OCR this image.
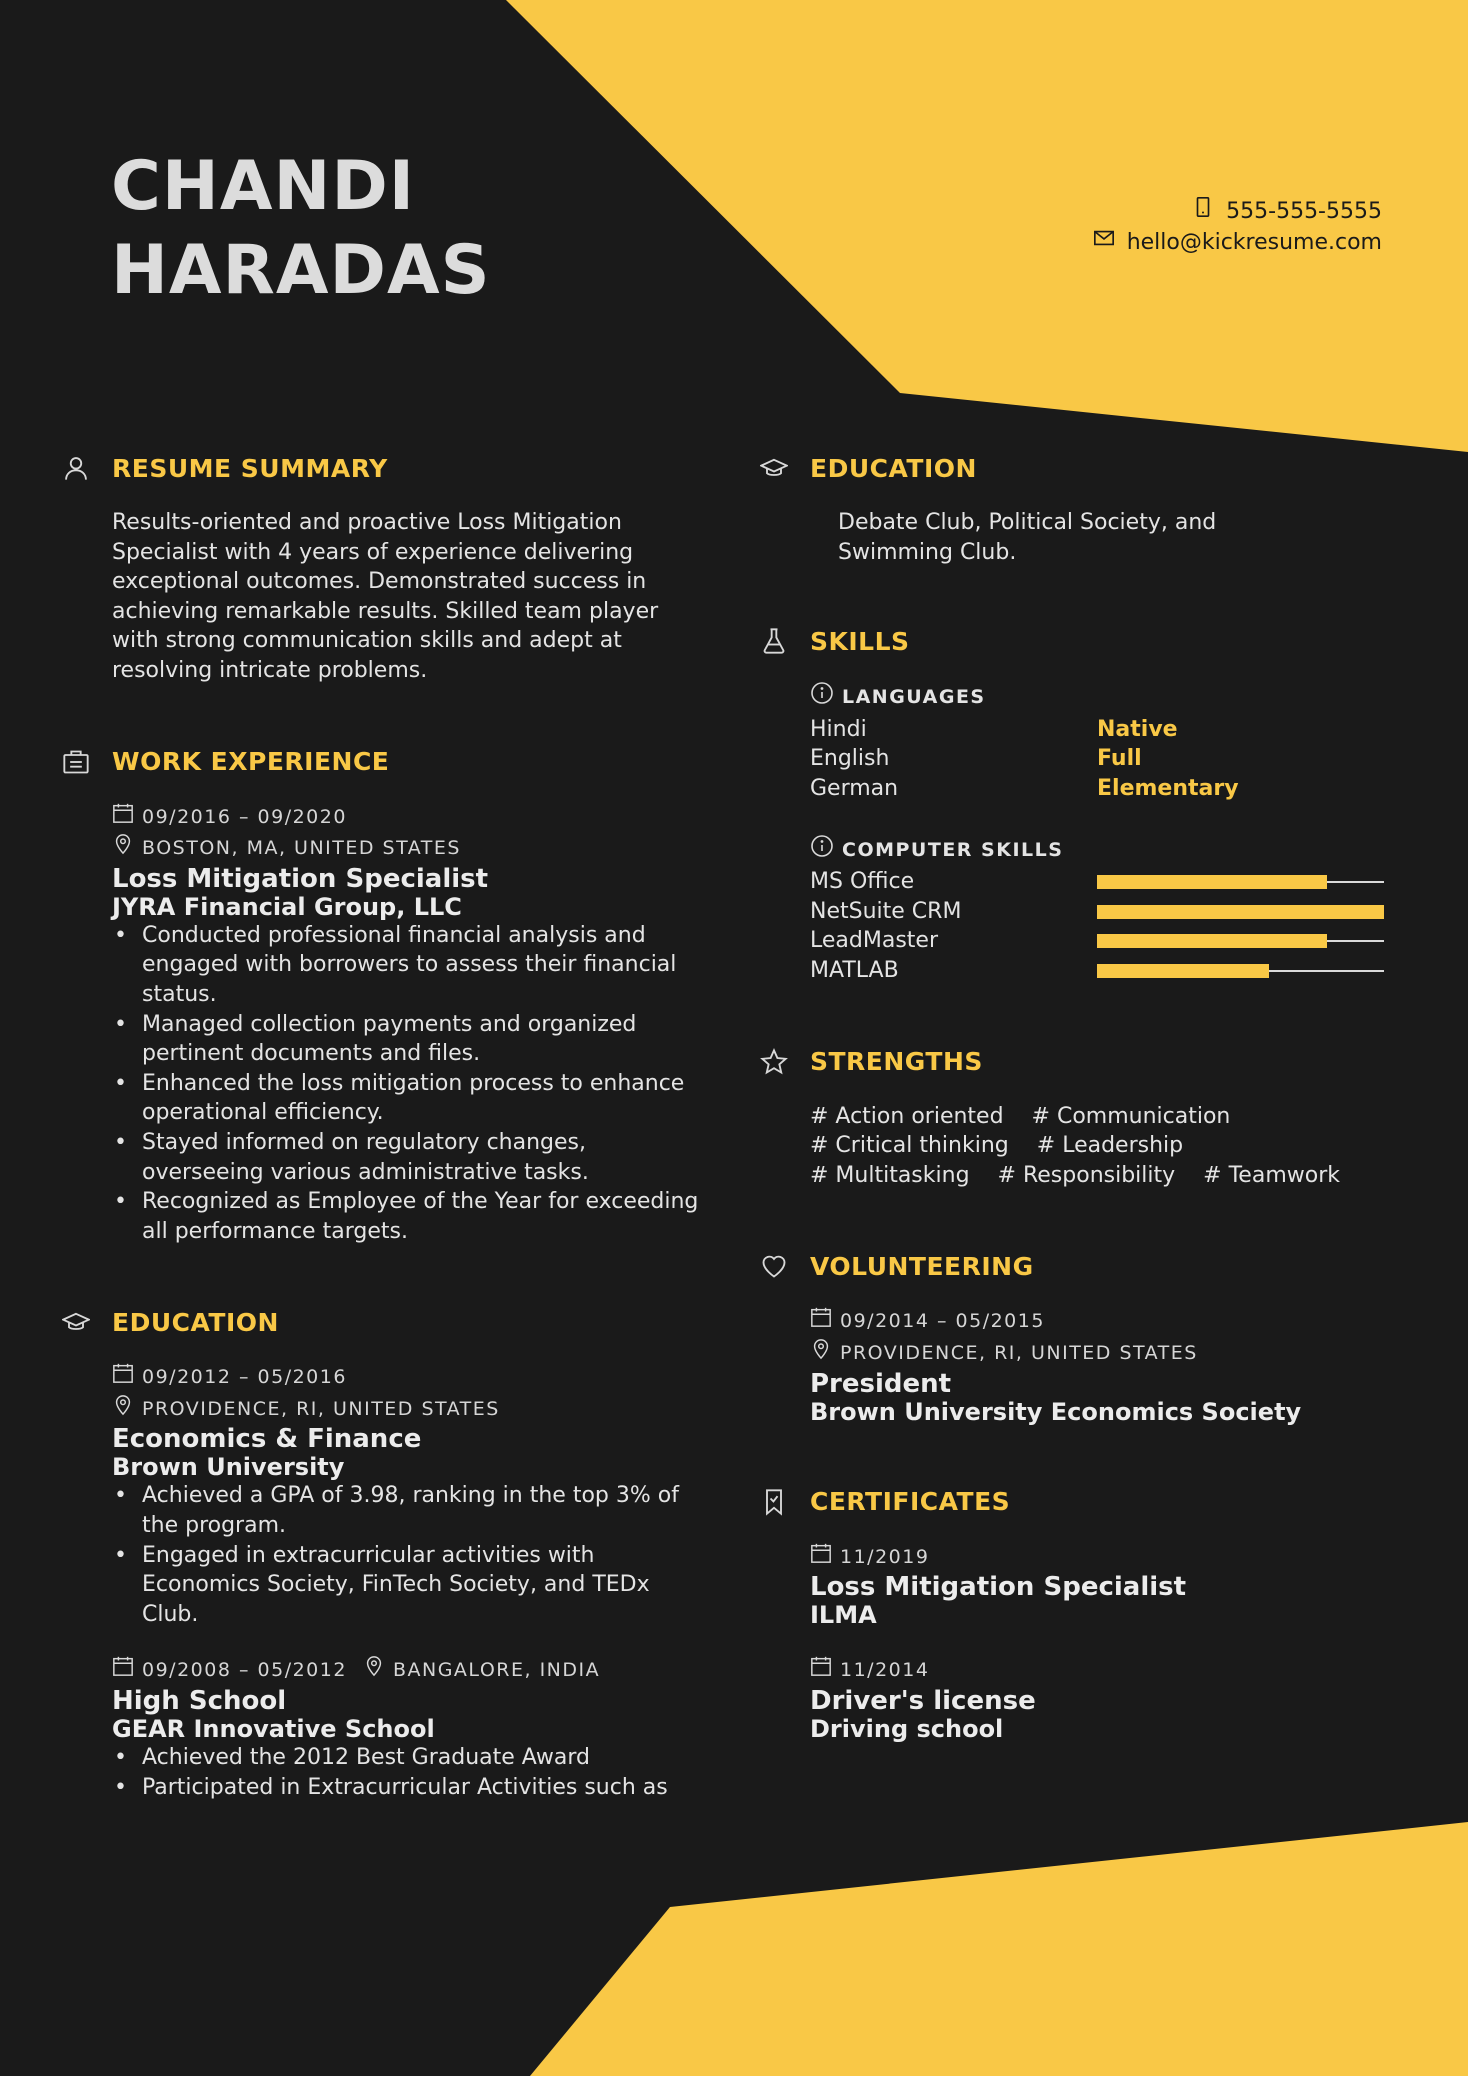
CHANDI
HARADAS
555-555-5555
hello@kickresume.com
RESUME SUMMARY
Results-oriented and proactive Loss Mitigation Specialist with 4 years of experience delivering exceptional outcomes. Demonstrated success in achieving remarkable results. Skilled team player with strong communication skills and adept at resolving intricate problems.
WORK EXPERIENCE
09/2016 – 09/2020
BOSTON, MA, UNITED STATES
Loss Mitigation Specialist
JYRA Financial Group, LLC
• Conducted professional financial analysis and engaged with borrowers to assess their financial status.
• Managed collection payments and organized pertinent documents and files.
• Enhanced the loss mitigation process to enhance operational efficiency.
• Stayed informed on regulatory changes, overseeing various administrative tasks.
• Recognized as Employee of the Year for exceeding all performance targets.
EDUCATION
09/2012 – 05/2016
PROVIDENCE, RI, UNITED STATES
Economics & Finance
Brown University
• Achieved a GPA of 3.98, ranking in the top 3% of the program.
• Engaged in extracurricular activities with Economics Society, FinTech Society, and TEDx Club.
09/2008 – 05/2012 BANGALORE, INDIA
High School
GEAR Innovative School
• Achieved the 2012 Best Graduate Award
• Participated in Extracurricular Activities such as
EDUCATION
Debate Club, Political Society, and Swimming Club.
SKILLS
LANGUAGES
Hindi	Native
English	Full
German	Elementary
COMPUTER SKILLS
MS Office
NetSuite CRM
LeadMaster
MATLAB
STRENGTHS
# Action oriented # Communication
# Critical thinking # Leadership
# Multitasking # Responsibility # Teamwork
VOLUNTEERING
09/2014 – 05/2015
PROVIDENCE, RI, UNITED STATES
President
Brown University Economics Society
CERTIFICATES
11/2019
Loss Mitigation Specialist
ILMA
11/2014
Driver's license
Driving school
